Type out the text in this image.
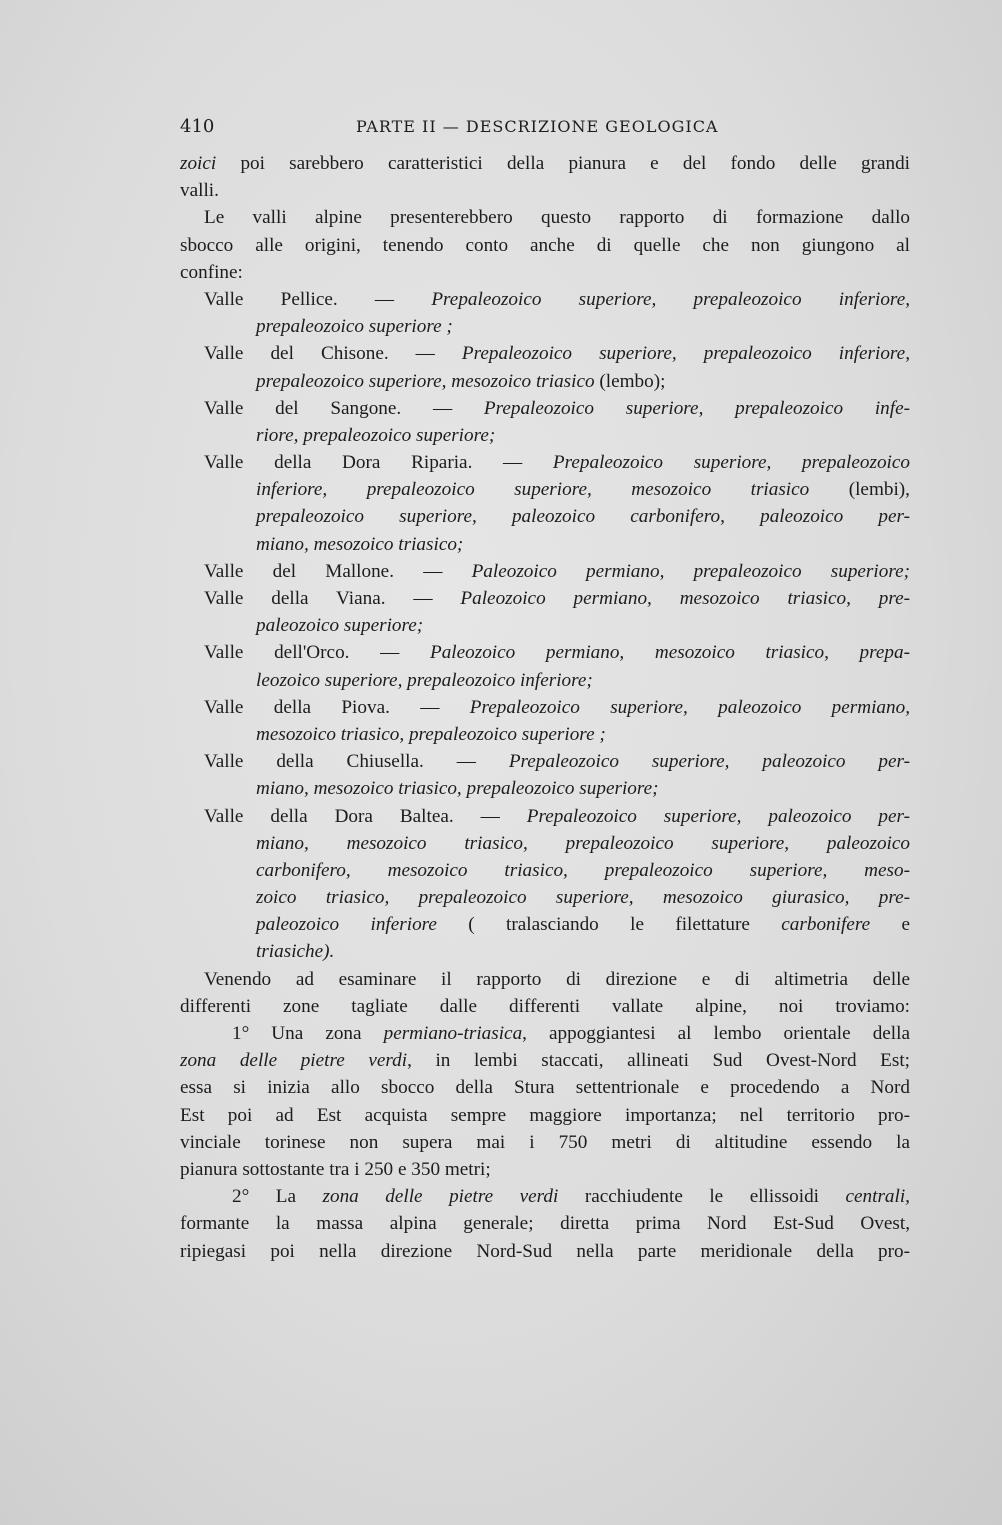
410	PARTE II — DESCRIZIONE GEOLOGICA
zoici poi sarebbero caratteristici della pianura e del fondo delle grandi
valli.
Le valli alpine presenterebbero questo rapporto di formazione dallo
sbocco alle origini, tenendo conto anche di quelle che non giungono al
confine:
Valle Pellice. — Prepaleozoico superiore, prepaleozoico inferiore,
prepaleozoico superiore ;
Valle del Chisone. — Prepaleozoico superiore, prepaleozoico inferiore,
prepaleozoico superiore, mesozoico triasico (lembo);
Valle del Sangone. — Prepaleozoico superiore, prepaleozoico infe-
riore, prepaleozoico superiore;
Valle della Dora Riparia. — Prepaleozoico superiore, prepaleozoico
inferiore, prepaleozoico superiore, mesozoico triasico (lembi),
prepaleozoico superiore, paleozoico carbonifero, paleozoico per-
miano, mesozoico triasico;
Valle del Mallone. — Paleozoico permiano, prepaleozoico superiore;
Valle della Viana. — Paleozoico permiano, mesozoico triasico, pre-
paleozoico superiore;
Valle dell'Orco. — Paleozoico permiano, mesozoico triasico, prepa-
leozoico superiore, prepaleozoico inferiore;
Valle della Piova. — Prepaleozoico superiore, paleozoico permiano,
mesozoico triasico, prepaleozoico superiore ;
Valle della Chiusella. — Prepaleozoico superiore, paleozoico per-
miano, mesozoico triasico, prepaleozoico superiore;
Valle della Dora Baltea. — Prepaleozoico superiore, paleozoico per-
miano, mesozoico triasico, prepaleozoico superiore, paleozoico
carbonifero, mesozoico triasico, prepaleozoico superiore, meso-
zoico triasico, prepaleozoico superiore, mesozoico giurasico, pre-
paleozoico inferiore ( tralasciando le filettature carbonifere e
triasiche).
Venendo ad esaminare il rapporto di direzione e di altimetria delle
differenti zone tagliate dalle differenti vallate alpine, noi troviamo:
1° Una zona permiano-triasica, appoggiantesi al lembo orientale della
zona delle pietre verdi, in lembi staccati, allineati Sud Ovest-Nord Est;
essa si inizia allo sbocco della Stura settentrionale e procedendo a Nord
Est poi ad Est acquista sempre maggiore importanza; nel territorio pro-
vinciale torinese non supera mai i 750 metri di altitudine essendo la
pianura sottostante tra i 250 e 350 metri;
2° La zona delle pietre verdi racchiudente le ellissoidi centrali,
formante la massa alpina generale; diretta prima Nord Est-Sud Ovest,
ripiegasi poi nella direzione Nord-Sud nella parte meridionale della pro-
